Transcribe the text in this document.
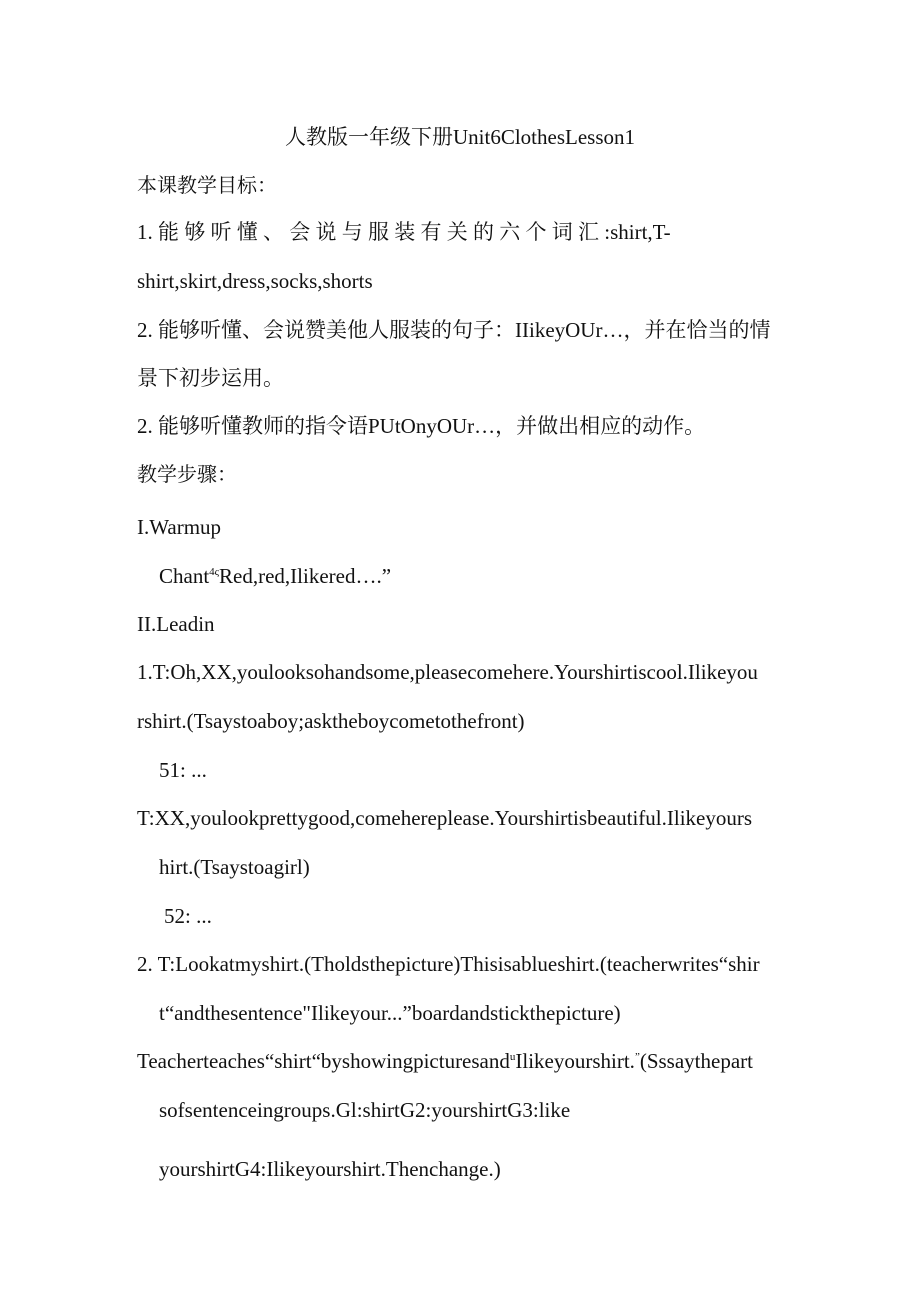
人教版一年级下册Unit6ClothesLesson1
本课教学目标：
1. 能 够 听 懂 、 会 说 与 服 装 有 关 的 六 个 词 汇 :shirt,T-
shirt,skirt,dress,socks,shorts
2. 能够听懂、会说赞美他人服装的句子：IIikeyOUr…，并在恰当的情
景下初步运用。
2. 能够听懂教师的指令语PUtOnyOUr…，并做出相应的动作。
教学步骤：
I.Warmup
Chant$^{4\varsigma}$Red,red,Ilikered….”
II.Leadin
1.T:Oh,XX,youlooksohandsome,pleasecomehere.Yourshirtiscool.Ilikeyou
rshirt.(Tsaystoaboy;asktheboycometothefront)
51: ...
T:XX,youlookprettygood,comehereplease.Yourshirtisbeautiful.Ilikeyours
hirt.(Tsaystoagirl)
52: ...
2. T:Lookatmyshirt.(Tholdsthepicture)Thisisablueshirt.(teacherwrites“shir
t“andthesentence"Ilikeyour...”boardandstickthepicture)
Teacherteaches“shirt“byshowingpicturesand$^u$Ilikeyourshirt.”(Sssaythepart
sofsentenceingroups.Gl:shirtG2:yourshirtG3:like
yourshirtG4:Ilikeyourshirt.Thenchange.)
